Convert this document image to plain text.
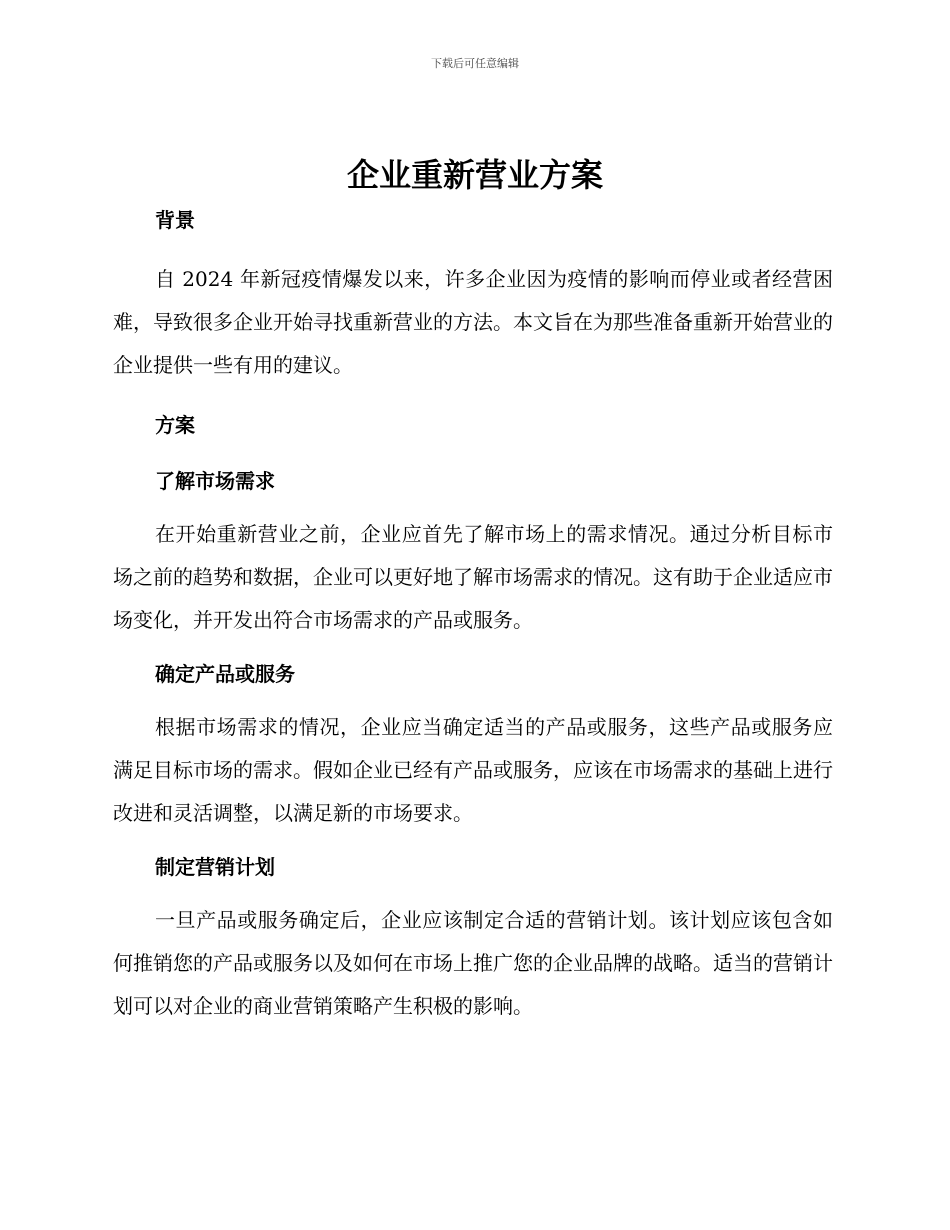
下载后可任意编辑
企业重新营业方案
背景

自 2024 年新冠疫情爆发以来，许多企业因为疫情的影响而停业或者经营困难，导致很多企业开始寻找重新营业的方法。本文旨在为那些准备重新开始营业的企业提供一些有用的建议。

方案
了解市场需求

在开始重新营业之前，企业应首先了解市场上的需求情况。通过分析目标市场之前的趋势和数据，企业可以更好地了解市场需求的情况。这有助于企业适应市场变化，并开发出符合市场需求的产品或服务。

确定产品或服务

根据市场需求的情况，企业应当确定适当的产品或服务，这些产品或服务应满足目标市场的需求。假如企业已经有产品或服务，应该在市场需求的基础上进行改进和灵活调整，以满足新的市场要求。

制定营销计划

一旦产品或服务确定后，企业应该制定合适的营销计划。该计划应该包含如何推销您的产品或服务以及如何在市场上推广您的企业品牌的战略。适当的营销计划可以对企业的商业营销策略产生积极的影响。
